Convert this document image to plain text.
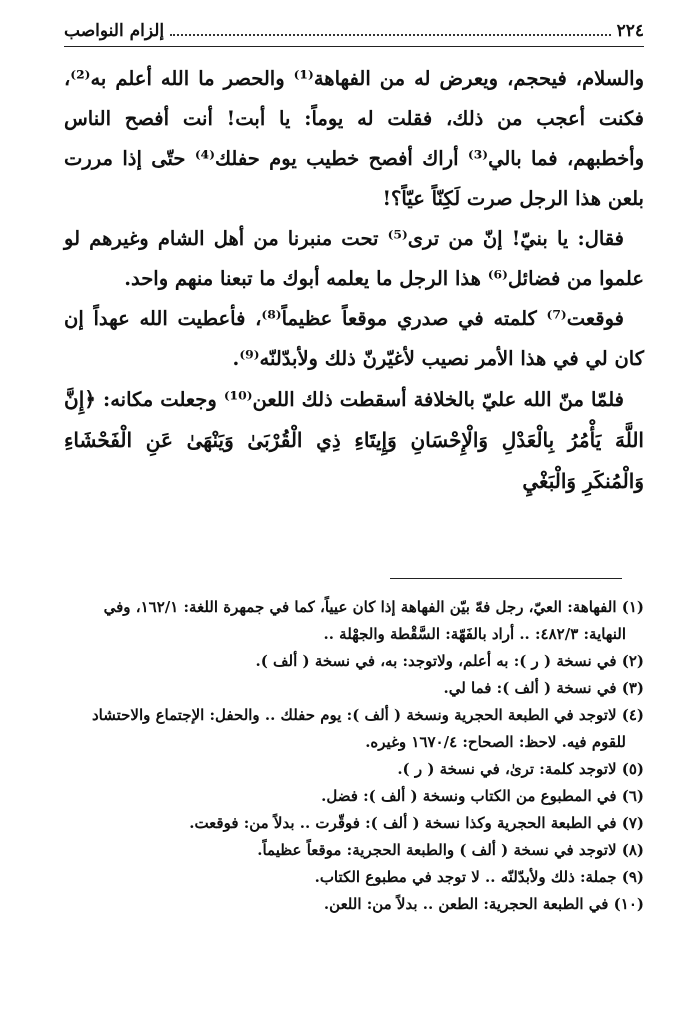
٢٢٤
إلزام النواصب

والسلام، فيحجم، ويعرض له من الفهاهة⁽¹⁾ والحصر ما الله أعلم به⁽²⁾، فكنت أعجب من ذلك، فقلت له يوماً: يا أبت! أنت أفصح الناس وأخطبهم، فما بالي⁽³⁾ أراك أفصح خطيب يوم حفلك⁽⁴⁾ حتّى إذا مررت بلعن هذا الرجل صرت لَكِنّاً عيّاً؟!

فقال: يا بنيّ! إنّ من ترى⁽⁵⁾ تحت منبرنا من أهل الشام وغيرهم لو علموا من فضائل⁽⁶⁾ هذا الرجل ما يعلمه أبوك ما تبعنا منهم واحد.

فوقعت⁽⁷⁾ كلمته في صدري موقعاً عظيماً⁽⁸⁾، فأعطيت الله عهداً إن كان لي في هذا الأمر نصيب لأغيّرنّ ذلك ولأبدّلنّه⁽⁹⁾.

فلمّا منّ الله عليّ بالخلافة أسقطت ذلك اللعن⁽¹⁰⁾ وجعلت مكانه: ﴿إِنَّ اللَّهَ يَأْمُرُ بِالْعَدْلِ وَالْإِحْسَانِ وَإِيتَاءِ ذِي الْقُرْبَىٰ وَيَنْهَىٰ عَنِ الْفَحْشَاءِ وَالْمُنكَرِ وَالْبَغْيِ

(١) الفهاهة: العيّ، رجل فهّ بيّن الفهاهة إذا كان عيياً، كما في جمهرة اللغة: ١٦٢/١، وفي
النهاية: ٤٨٢/٣: .. أراد بالفَهّة: السَّقْطة والجهْلة ..

(٢) في نسخة ( ر ): به أعلم، ولاتوجد: به، في نسخة ( ألف ).

(٣) في نسخة ( ألف ): فما لي.

(٤) لاتوجد في الطبعة الحجرية ونسخة ( ألف ): يوم حفلك .. والحفل: الإجتماع والاحتشاد
للقوم فيه. لاحظ: الصحاح: ١٦٧٠/٤ وغيره.

(٥) لاتوجد كلمة: ترىٰ، في نسخة ( ر ).

(٦) في المطبوع من الكتاب ونسخة ( ألف ): فضل.

(٧) في الطبعة الحجرية وكذا نسخة ( ألف ): فوقّرت .. بدلاً من: فوقعت.

(٨) لاتوجد في نسخة ( ألف ) والطبعة الحجرية: موقعاً عظيماً.

(٩) جملة: ذلك ولأبدّلنّه .. لا توجد في مطبوع الكتاب.

(١٠) في الطبعة الحجرية: الطعن .. بدلاً من: اللعن.
